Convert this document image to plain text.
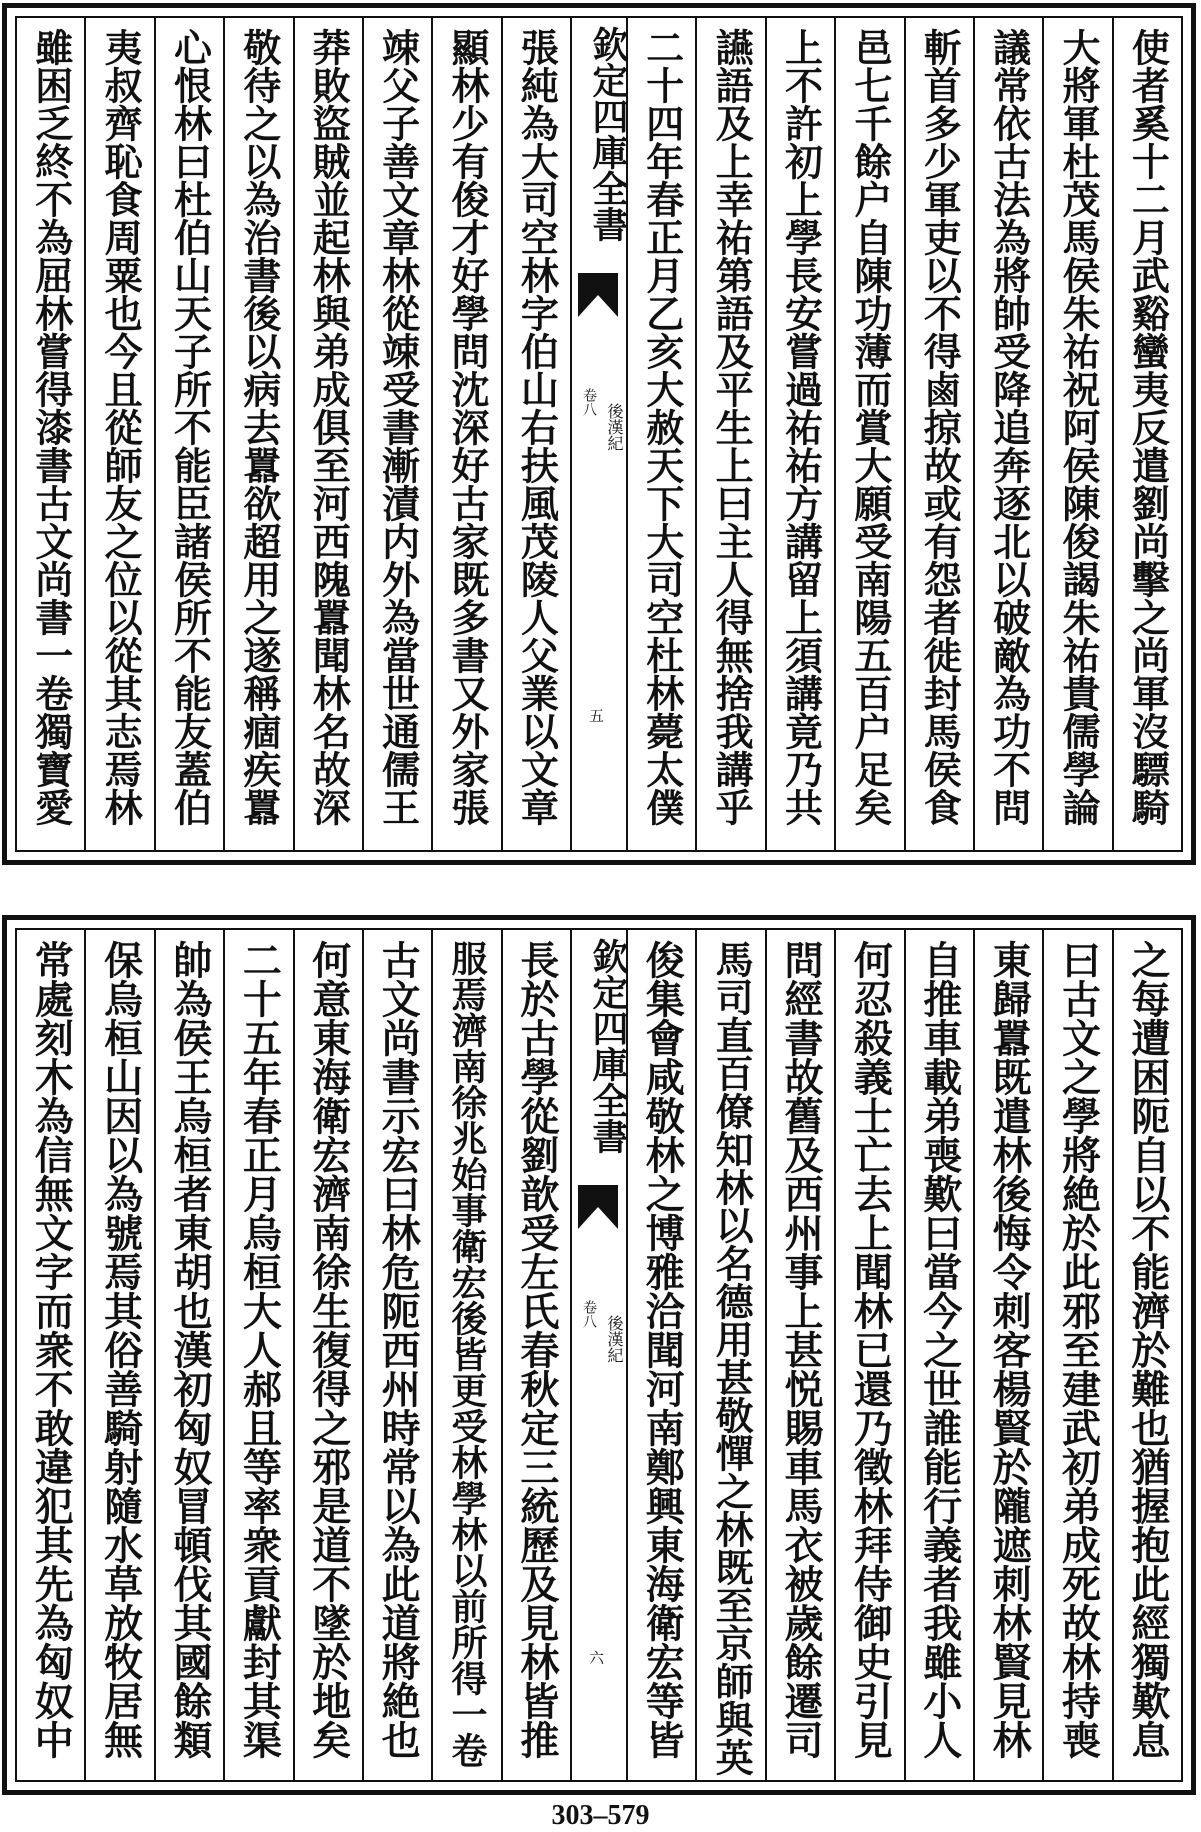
使者奚十二月武谿蠻夷反遣劉尚擊之尚軍沒驃騎
大將軍杜茂馬侯朱祐祝阿侯陳俊謁朱祐貴儒學論
議常依古法為將帥受降追奔逐北以破敵為功不問
斬首多少軍吏以不得鹵掠故或有怨者徙封馬侯食
邑七千餘户自陳功薄而賞大願受南陽五百户足矣
上不許初上學長安嘗過祐祐方講留上須講竟乃共
讌語及上幸祐第語及平生上曰主人得無捨我講乎
二十四年春正月乙亥大赦天下大司空杜林薨太僕
欽定四庫全書
後漢紀
卷八
五
張純為大司空林字伯山右扶風茂陵人父業以文章
顯林少有俊才好學問沈深好古家既多書又外家張
竦父子善文章林從竦受書漸漬内外為當世通儒王
莽敗盜賊並起林與弟成俱至河西隗囂聞林名故深
敬待之以為治書後以病去囂欲超用之遂稱痼疾囂
心恨林曰杜伯山天子所不能臣諸侯所不能友蓋伯
夷叔齊恥食周粟也今且從師友之位以從其志焉林
雖困乏終不為屈林嘗得漆書古文尚書一卷獨寶愛
之每遭困阨自以不能濟於難也猶握抱此經獨歎息
曰古文之學將絶於此邪至建武初弟成死故林持喪
東歸囂既遣林後悔令刺客楊賢於隴遮刺林賢見林
自推車載弟喪歎曰當今之世誰能行義者我雖小人
何忍殺義士亡去上聞林已還乃徵林拜侍御史引見
問經書故舊及西州事上甚悦賜車馬衣被歲餘遷司
馬司直百僚知林以名德用甚敬憚之林既至京師與英
俊集會咸敬林之博雅洽聞河南鄭興東海衛宏等皆
欽定四庫全書
後漢紀
卷八
六
長於古學從劉歆受左氏春秋定三統歷及見林皆推
服焉濟南徐兆始事衛宏後皆更受林學林以前所得一卷
古文尚書示宏曰林危阨西州時常以為此道將絶也
何意東海衛宏濟南徐生復得之邪是道不墜於地矣
二十五年春正月烏桓大人郝且等率衆貢獻封其渠
帥為侯王烏桓者東胡也漢初匈奴冒頓伐其國餘類
保烏桓山因以為號焉其俗善騎射隨水草放牧居無
常處刻木為信無文字而衆不敢違犯其先為匈奴中
303–579
